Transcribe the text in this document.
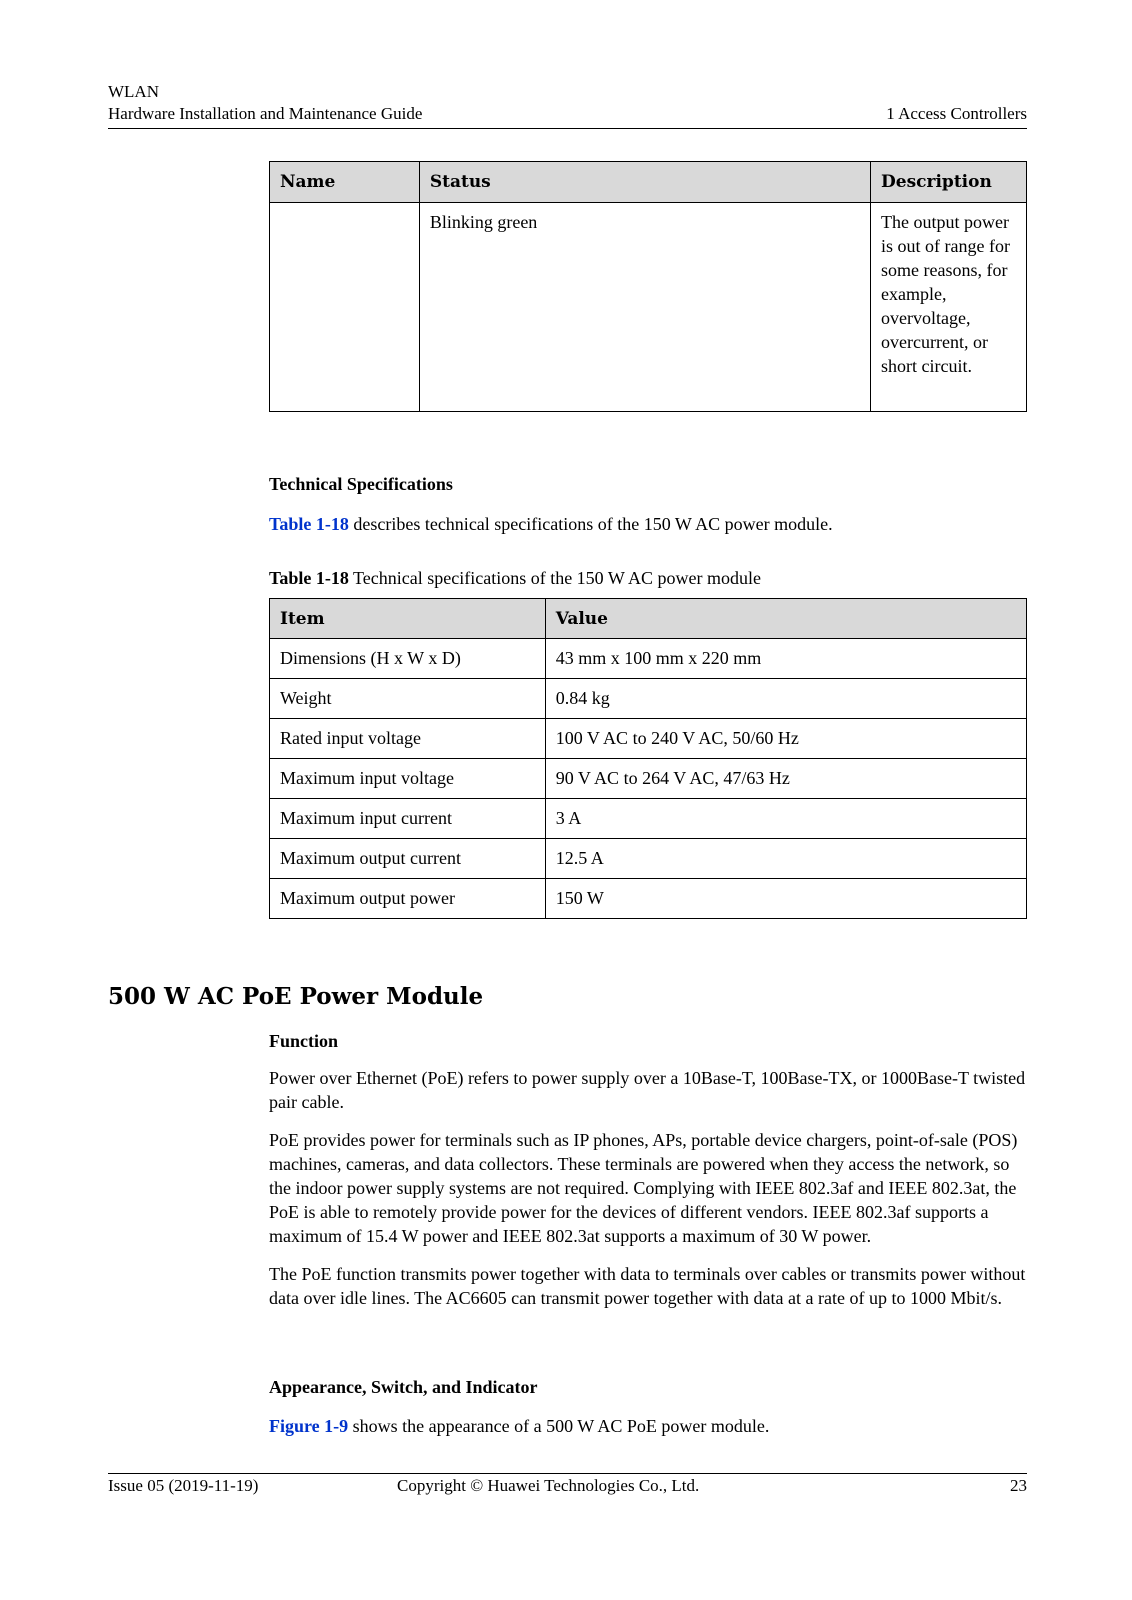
WLAN
Hardware Installation and Maintenance Guide	1 Access Controllers
Name	Status	Description
	Blinking green	The output power is out of range for some reasons, for example, overvoltage, overcurrent, or short circuit.
Technical Specifications
Table 1-18 describes technical specifications of the 150 W AC power module.
Table 1-18 Technical specifications of the 150 W AC power module
Item	Value
Dimensions (H x W x D)	43 mm x 100 mm x 220 mm
Weight	0.84 kg
Rated input voltage	100 V AC to 240 V AC, 50/60 Hz
Maximum input voltage	90 V AC to 264 V AC, 47/63 Hz
Maximum input current	3 A
Maximum output current	12.5 A
Maximum output power	150 W
500 W AC PoE Power Module
Function

Power over Ethernet (PoE) refers to power supply over a 10Base-T, 100Base-TX, or 1000Base-T twisted pair cable.

PoE provides power for terminals such as IP phones, APs, portable device chargers, point-of-sale (POS) machines, cameras, and data collectors. These terminals are powered when they access the network, so the indoor power supply systems are not required. Complying with IEEE 802.3af and IEEE 802.3at, the PoE is able to remotely provide power for the devices of different vendors. IEEE 802.3af supports a maximum of 15.4 W power and IEEE 802.3at supports a maximum of 30 W power.

The PoE function transmits power together with data to terminals over cables or transmits power without data over idle lines. The AC6605 can transmit power together with data at a rate of up to 1000 Mbit/s.

Appearance, Switch, and Indicator
Figure 1-9 shows the appearance of a 500 W AC PoE power module.
Issue 05 (2019-11-19)	Copyright © Huawei Technologies Co., Ltd.	23
